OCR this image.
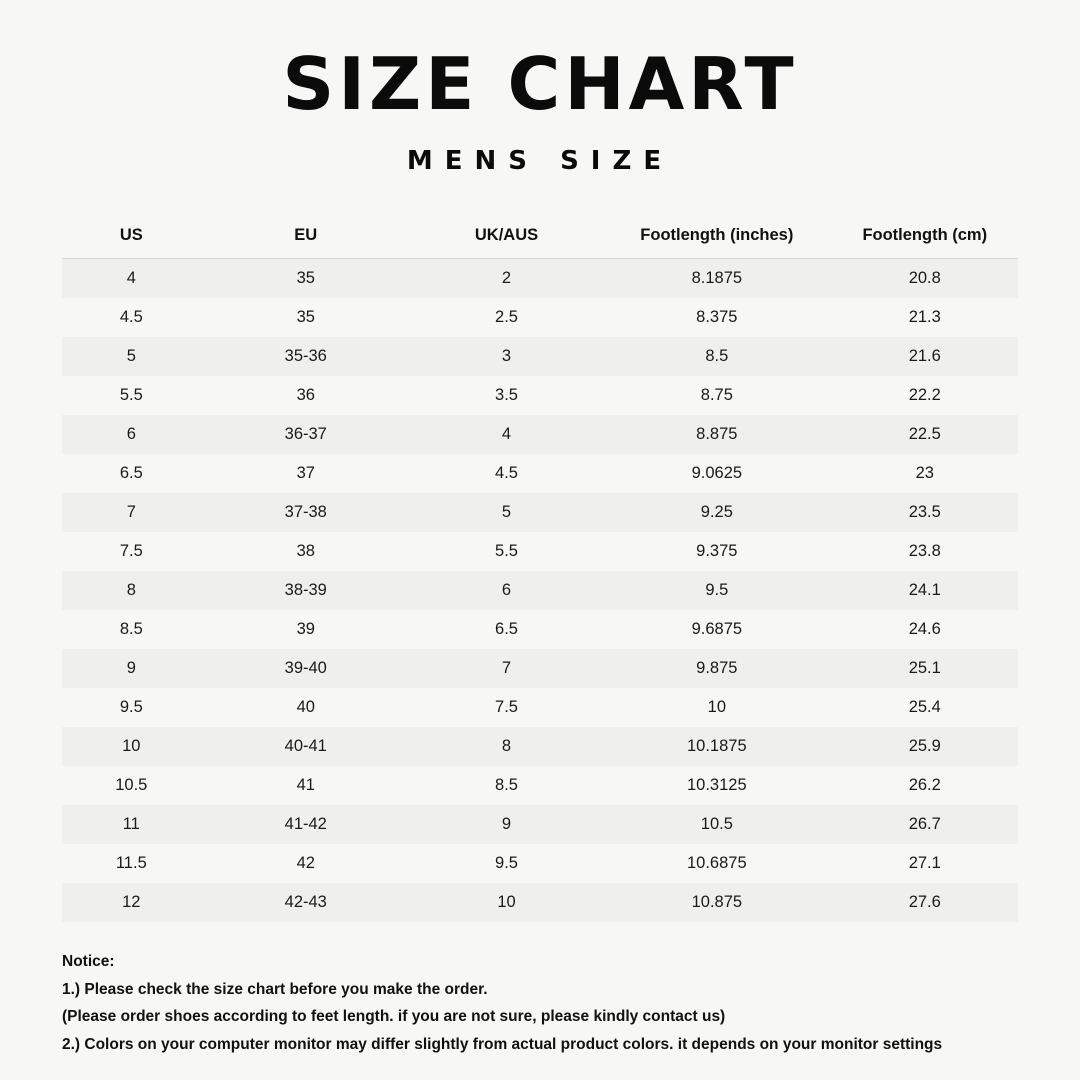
SIZE CHART
MENS SIZE
US	EU	UK/AUS	Footlength (inches)	Footlength (cm)
4	35	2	8.1875	20.8
4.5	35	2.5	8.375	21.3
5	35-36	3	8.5	21.6
5.5	36	3.5	8.75	22.2
6	36-37	4	8.875	22.5
6.5	37	4.5	9.0625	23
7	37-38	5	9.25	23.5
7.5	38	5.5	9.375	23.8
8	38-39	6	9.5	24.1
8.5	39	6.5	9.6875	24.6
9	39-40	7	9.875	25.1
9.5	40	7.5	10	25.4
10	40-41	8	10.1875	25.9
10.5	41	8.5	10.3125	26.2
11	41-42	9	10.5	26.7
11.5	42	9.5	10.6875	27.1
12	42-43	10	10.875	27.6
Notice:
1.) Please check the size chart before you make the order.
(Please order shoes according to feet length. if you are not sure, please kindly contact us)
2.) Colors on your computer monitor may differ slightly from actual product colors. it depends on your monitor settings
